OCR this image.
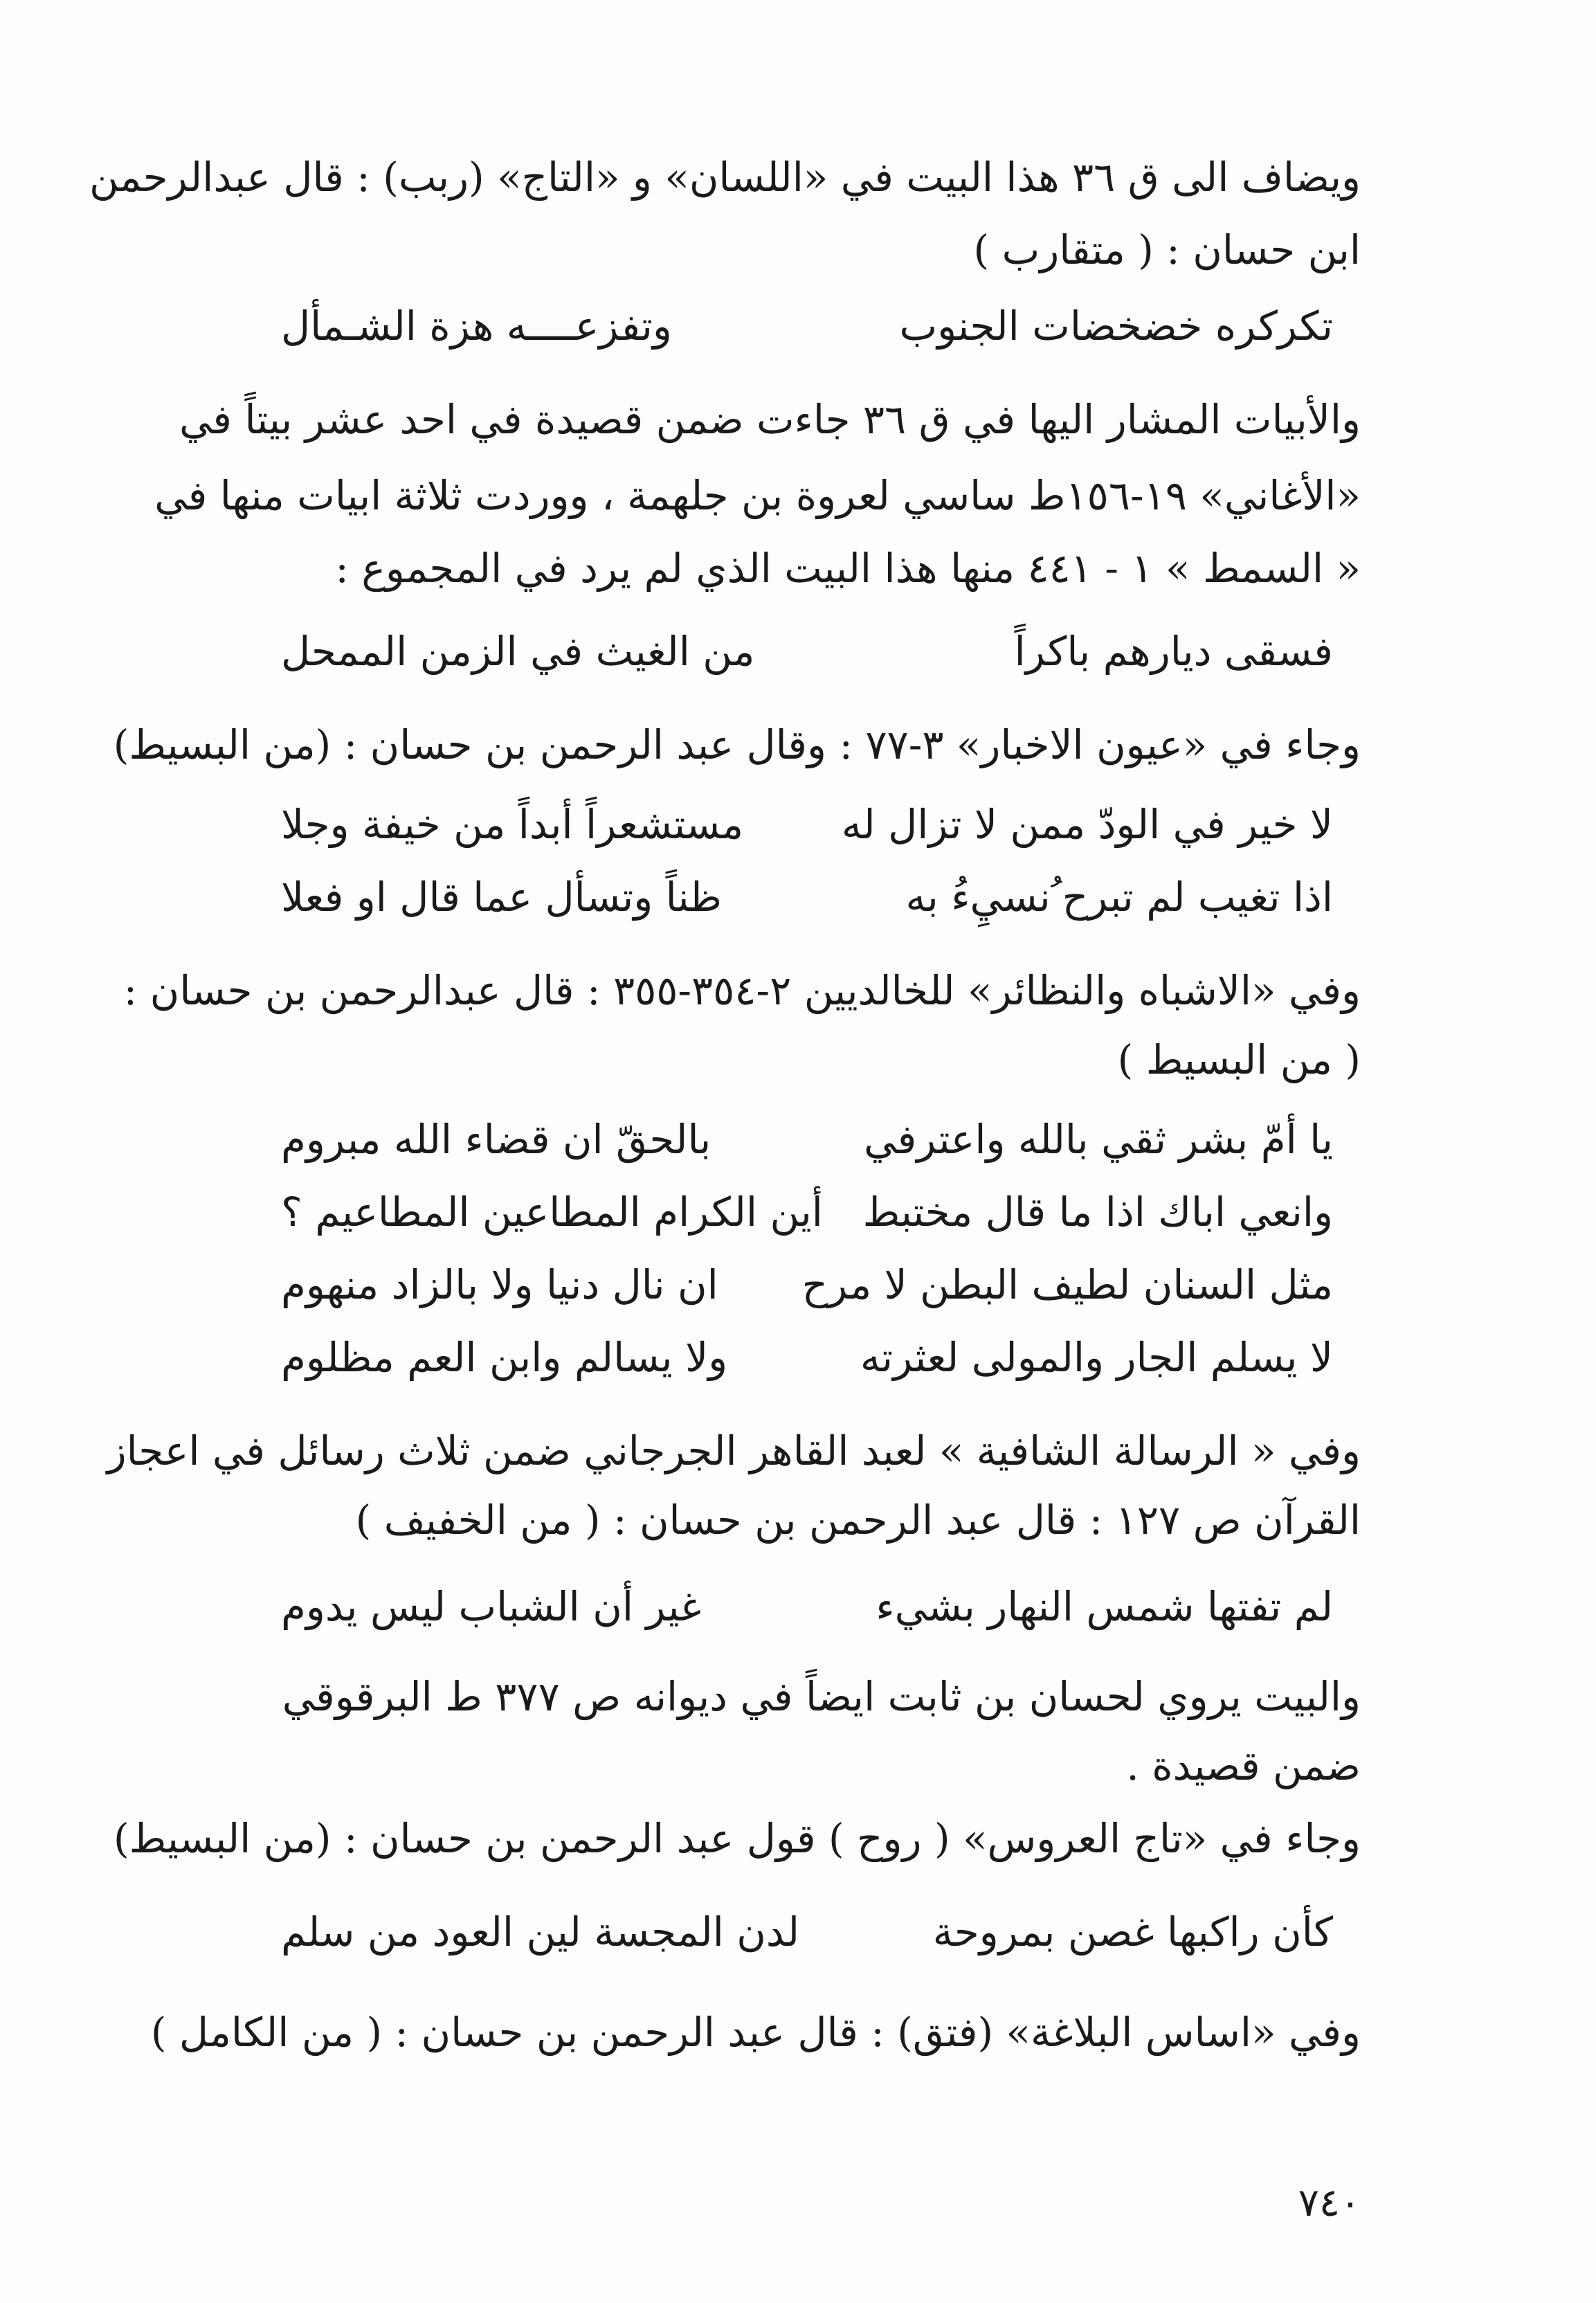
ويضاف الى ق ٣٦ هذا البيت في «اللسان» و «التاج» (ربب) : قال عبدالرحمن
ابن حسان : ( متقارب )
تكركره خضخضات الجنوب
وتفزعــــه هزة الشـمأل
والأبيات المشار اليها في ق ٣٦ جاءت ضمن قصيدة في احد عشر بيتاً في
«الأغاني» ١٩-١٥٦ط ساسي لعروة بن جلهمة ، ووردت ثلاثة ابيات منها في
« السمط » ١ - ٤٤١ منها هذا البيت الذي لم يرد في المجموع :
فسقى ديارهم باكراً
من الغيث في الزمن الممحل
وجاء في «عيون الاخبار» ٣-٧٧ : وقال عبد الرحمن بن حسان : (من البسيط)
لا خير في الودّ ممن لا تزال له
مستشعراً أبداً من خيفة وجلا
اذا تغيب لم تبرح ُنسيِءُ به
ظناً وتسأل عما قال او فعلا
وفي «الاشباه والنظائر» للخالديين ٢-٣٥٤-٣٥٥ : قال عبدالرحمن بن حسان :
( من البسيط )
يا أمّ بشر ثقي بالله واعترفي
بالحقّ ان قضاء الله مبروم
وانعي اباك اذا ما قال مختبط
أين الكرام المطاعين المطاعيم ؟
مثل السنان لطيف البطن لا مرح
ان نال دنيا ولا بالزاد منهوم
لا يسلم الجار والمولى لعثرته
ولا يسالم وابن العم مظلوم
وفي « الرسالة الشافية » لعبد القاهر الجرجاني ضمن ثلاث رسائل في اعجاز
القرآن ص ١٢٧ : قال عبد الرحمن بن حسان : ( من الخفيف )
لم تفتها شمس النهار بشيء
غير أن الشباب ليس يدوم
والبيت يروي لحسان بن ثابت ايضاً في ديوانه ص ٣٧٧ ط البرقوقي
ضمن قصيدة .
وجاء في «تاج العروس» ( روح ) قول عبد الرحمن بن حسان : (من البسيط)
كأن راكبها غصن بمروحة
لدن المجسة لين العود من سلم
وفي «اساس البلاغة» (فتق) : قال عبد الرحمن بن حسان : ( من الكامل )
٧٤٠
